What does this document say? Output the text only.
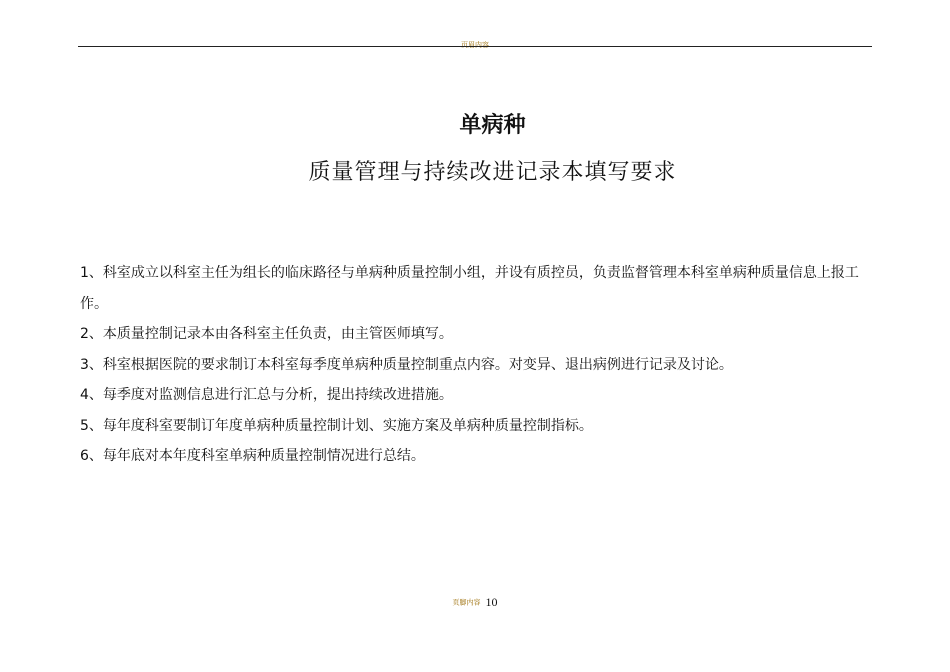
页眉内容
单病种
质量管理与持续改进记录本填写要求

1、科室成立以科室主任为组长的临床路径与单病种质量控制小组，并设有质控员，负责监督管理本科室单病种质量信息上报工作。

2、本质量控制记录本由各科室主任负责，由主管医师填写。

3、科室根据医院的要求制订本科室每季度单病种质量控制重点内容。对变异、退出病例进行记录及讨论。

4、每季度对监测信息进行汇总与分析，提出持续改进措施。

5、每年度科室要制订年度单病种质量控制计划、实施方案及单病种质量控制指标。

6、每年底对本年度科室单病种质量控制情况进行总结。

页脚内容 10
